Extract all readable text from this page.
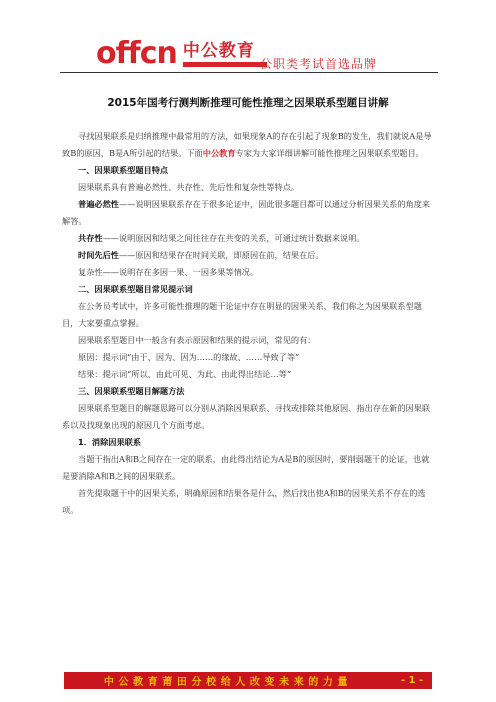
offcn 中公教育
公职类考试首选品牌
2015年国考行测判断推理可能性推理之因果联系型题目讲解

寻找因果联系是归纳推理中最常用的方法，如果现象A的存在引起了现象B的发生，我们就说A是导致B的原因，B是A所引起的结果。下面中公教育专家为大家详细讲解可能性推理之因果联系型题目。

一、因果联系型题目特点

因果联系具有普遍必然性、共存性、先后性和复杂性等特点。

普遍必然性——说明因果联系存在于很多论证中，因此很多题目都可以通过分析因果关系的角度来解答。

共存性——说明原因和结果之间往往存在共变的关系，可通过统计数据来说明。

时间先后性——原因和结果存在时间关联，即原因在前，结果在后。

复杂性——说明存在多因一果、一因多果等情况。

二、因果联系型题目常见提示词

在公务员考试中，许多可能性推理的题干论证中存在明显的因果关系，我们称之为因果联系型题目，大家要重点掌握。

因果联系型题目中一般含有表示原因和结果的提示词，常见的有：

原因：提示词“由于、因为、因为……的缘故、……导致了等”

结果：提示词“所以、由此可见、为此、由此得出结论…等”

三、因果联系型题目解题方法

因果联系型题目的解题思路可以分别从消除因果联系、寻找或排除其他原因、指出存在新的因果联系以及找现象出现的原因几个方面考虑。

1．消除因果联系

当题干指出A和B之间存在一定的联系，由此得出结论为A是B的原因时，要削弱题干的论证，也就是要消除A和B之间的因果联系。

首先提取题干中的因果关系，明确原因和结果各是什么，然后找出使A和B的因果关系不存在的选项。

中公教育莆田分校给人改变未来的力量	- 1 -
